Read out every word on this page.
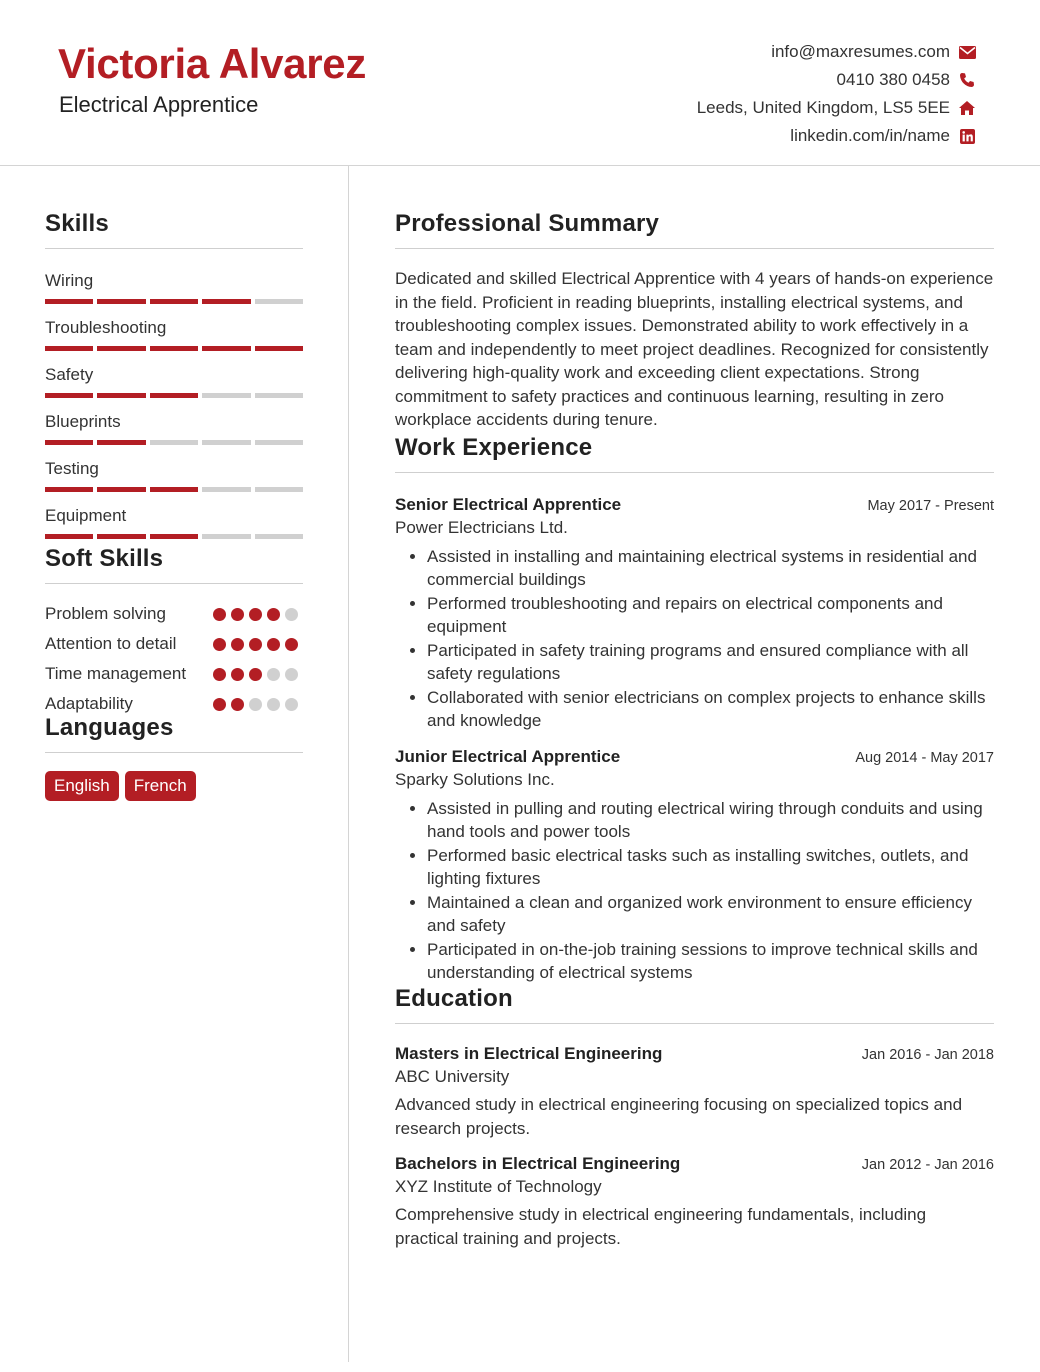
Victoria Alvarez
Electrical Apprentice
info@maxresumes.com
0410 380 0458
Leeds, United Kingdom, LS5 5EE
linkedin.com/in/name
Skills
Wiring
Troubleshooting
Safety
Blueprints
Testing
Equipment
Soft Skills
Problem solving
Attention to detail
Time management
Adaptability
Languages
English	French
Professional Summary

Dedicated and skilled Electrical Apprentice with 4 years of hands-on experience in the field. Proficient in reading blueprints, installing electrical systems, and troubleshooting complex issues. Demonstrated ability to work effectively in a team and independently to meet project deadlines. Recognized for consistently delivering high-quality work and exceeding client expectations. Strong commitment to safety practices and continuous learning, resulting in zero workplace accidents during tenure.

Work Experience
Senior Electrical Apprentice	May 2017 - Present
Power Electricians Ltd.
• Assisted in installing and maintaining electrical systems in residential and commercial buildings
• Performed troubleshooting and repairs on electrical components and equipment
• Participated in safety training programs and ensured compliance with all safety regulations
• Collaborated with senior electricians on complex projects to enhance skills and knowledge
Junior Electrical Apprentice	Aug 2014 - May 2017
Sparky Solutions Inc.
• Assisted in pulling and routing electrical wiring through conduits and using hand tools and power tools
• Performed basic electrical tasks such as installing switches, outlets, and lighting fixtures
• Maintained a clean and organized work environment to ensure efficiency and safety
• Participated in on-the-job training sessions to improve technical skills and understanding of electrical systems
Education
Masters in Electrical Engineering	Jan 2016 - Jan 2018
ABC University

Advanced study in electrical engineering focusing on specialized topics and research projects.

Bachelors in Electrical Engineering	Jan 2012 - Jan 2016
XYZ Institute of Technology

Comprehensive study in electrical engineering fundamentals, including practical training and projects.
